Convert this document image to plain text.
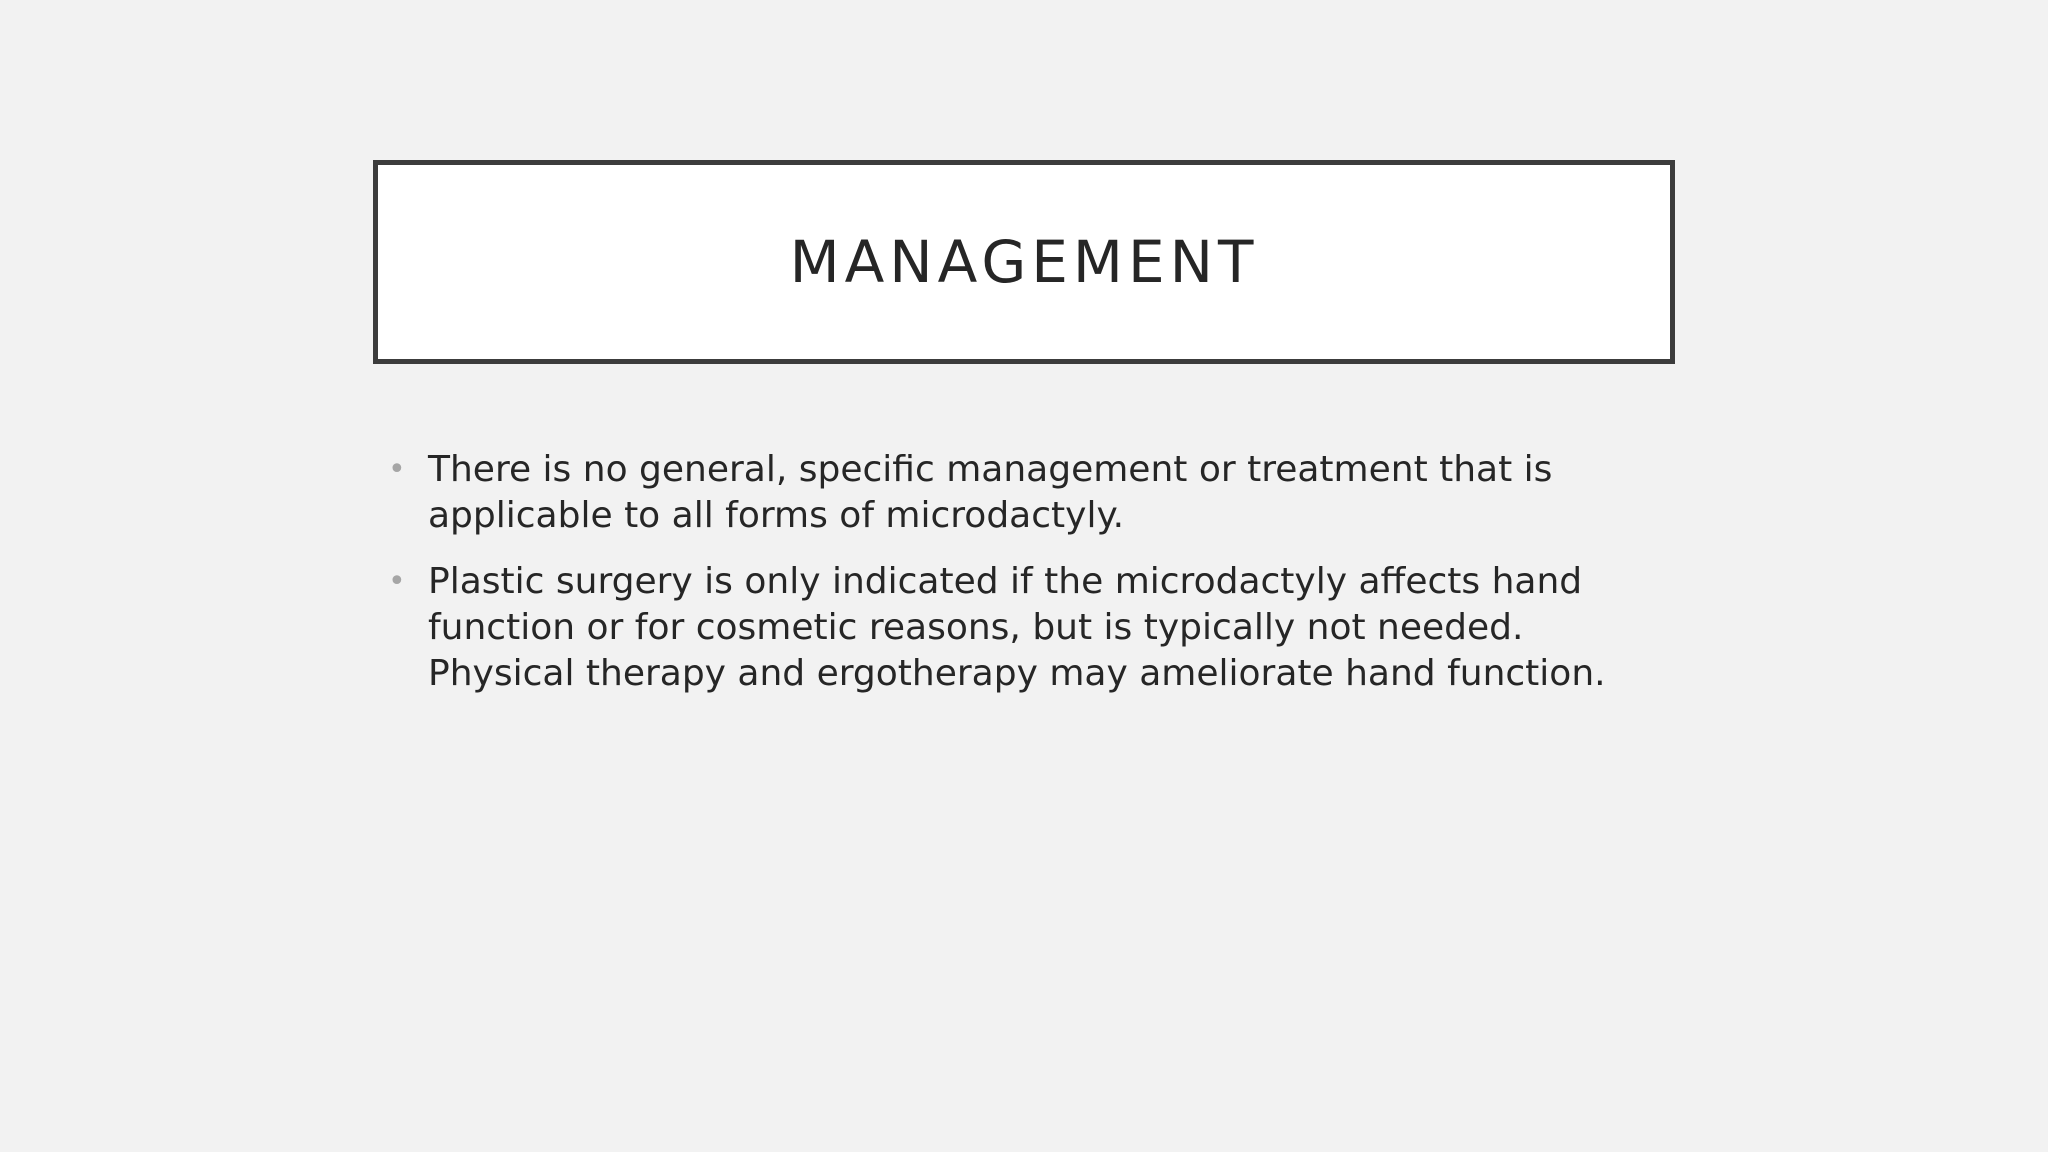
MANAGEMENT
• There is no general, specific management or treatment that is applicable to all forms of microdactyly.
• Plastic surgery is only indicated if the microdactyly affects hand function or for cosmetic reasons, but is typically not needed. Physical therapy and ergotherapy may ameliorate hand function.
